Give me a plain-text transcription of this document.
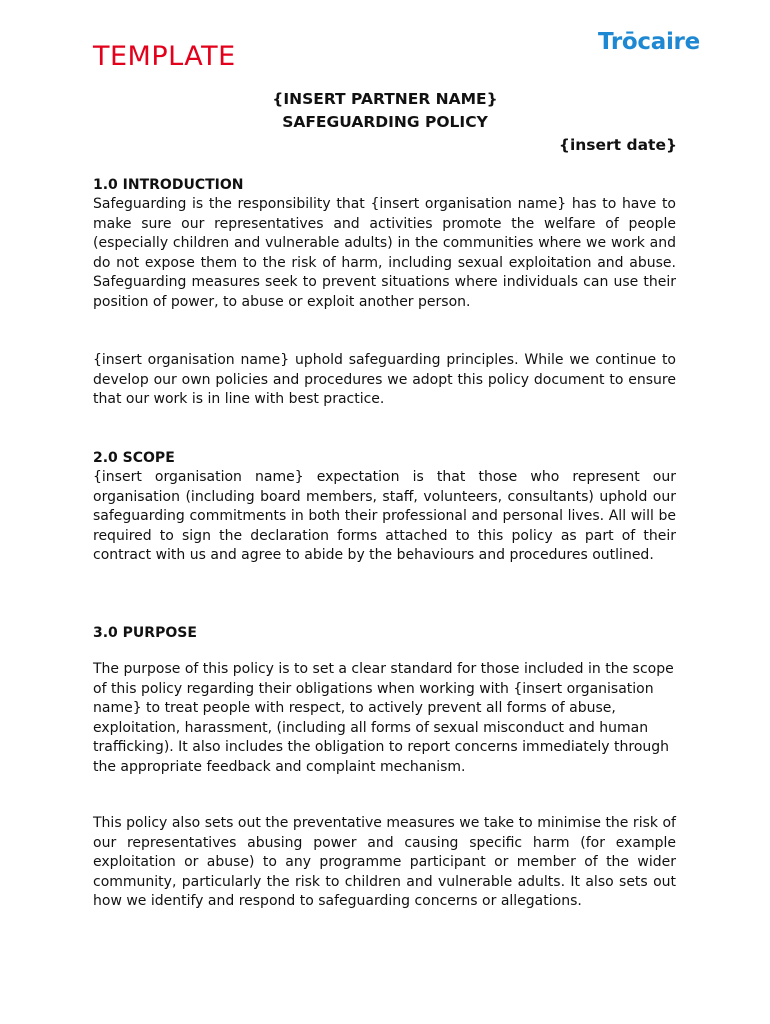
TEMPLATE	Trōcaire
{INSERT PARTNER NAME}
SAFEGUARDING POLICY
{insert date}
1.0 INTRODUCTION

Safeguarding is the responsibility that {insert organisation name} has to have to make sure our representatives and activities promote the welfare of people (especially children and vulnerable adults) in the communities where we work and do not expose them to the risk of harm, including sexual exploitation and abuse. Safeguarding measures seek to prevent situations where individuals can use their position of power, to abuse or exploit another person.

{insert organisation name} uphold safeguarding principles. While we continue to develop our own policies and procedures we adopt this policy document to ensure that our work is in line with best practice.

2.0 SCOPE

{insert organisation name} expectation is that those who represent our organisation (including board members, staff, volunteers, consultants) uphold our safeguarding commitments in both their professional and personal lives. All will be required to sign the declaration forms attached to this policy as part of their contract with us and agree to abide by the behaviours and procedures outlined.

3.0 PURPOSE

The purpose of this policy is to set a clear standard for those included in the scope of this policy regarding their obligations when working with {insert organisation name} to treat people with respect, to actively prevent all forms of abuse, exploitation, harassment, (including all forms of sexual misconduct and human trafficking). It also includes the obligation to report concerns immediately through the appropriate feedback and complaint mechanism.

This policy also sets out the preventative measures we take to minimise the risk of our representatives abusing power and causing specific harm (for example exploitation or abuse) to any programme participant or member of the wider community, particularly the risk to children and vulnerable adults. It also sets out how we identify and respond to safeguarding concerns or allegations.
